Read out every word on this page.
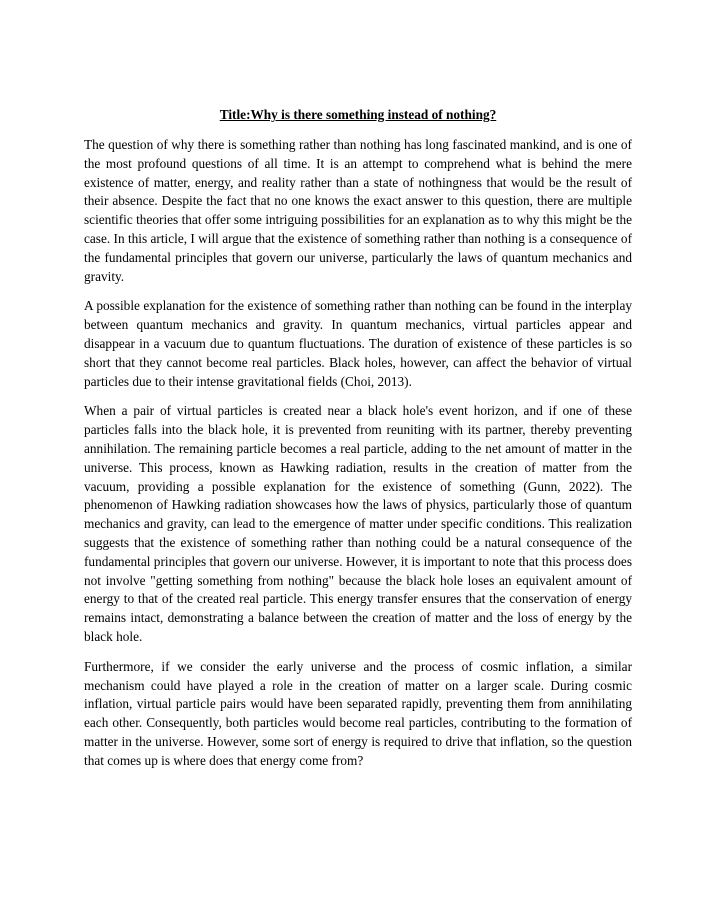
Title:Why is there something instead of nothing?

The question of why there is something rather than nothing has long fascinated mankind, and is one of the most profound questions of all time. It is an attempt to comprehend what is behind the mere existence of matter, energy, and reality rather than a state of nothingness that would be the result of their absence. Despite the fact that no one knows the exact answer to this question, there are multiple scientific theories that offer some intriguing possibilities for an explanation as to why this might be the case. In this article, I will argue that the existence of something rather than nothing is a consequence of the fundamental principles that govern our universe, particularly the laws of quantum mechanics and gravity.

A possible explanation for the existence of something rather than nothing can be found in the interplay between quantum mechanics and gravity. In quantum mechanics, virtual particles appear and disappear in a vacuum due to quantum fluctuations. The duration of existence of these particles is so short that they cannot become real particles. Black holes, however, can affect the behavior of virtual particles due to their intense gravitational fields (Choi, 2013).

When a pair of virtual particles is created near a black hole's event horizon, and if one of these particles falls into the black hole, it is prevented from reuniting with its partner, thereby preventing annihilation. The remaining particle becomes a real particle, adding to the net amount of matter in the universe. This process, known as Hawking radiation, results in the creation of matter from the vacuum, providing a possible explanation for the existence of something (Gunn, 2022). The phenomenon of Hawking radiation showcases how the laws of physics, particularly those of quantum mechanics and gravity, can lead to the emergence of matter under specific conditions. This realization suggests that the existence of something rather than nothing could be a natural consequence of the fundamental principles that govern our universe. However, it is important to note that this process does not involve "getting something from nothing" because the black hole loses an equivalent amount of energy to that of the created real particle. This energy transfer ensures that the conservation of energy remains intact, demonstrating a balance between the creation of matter and the loss of energy by the black hole.

Furthermore, if we consider the early universe and the process of cosmic inflation, a similar mechanism could have played a role in the creation of matter on a larger scale. During cosmic inflation, virtual particle pairs would have been separated rapidly, preventing them from annihilating each other. Consequently, both particles would become real particles, contributing to the formation of matter in the universe. However, some sort of energy is required to drive that inflation, so the question that comes up is where does that energy come from?
